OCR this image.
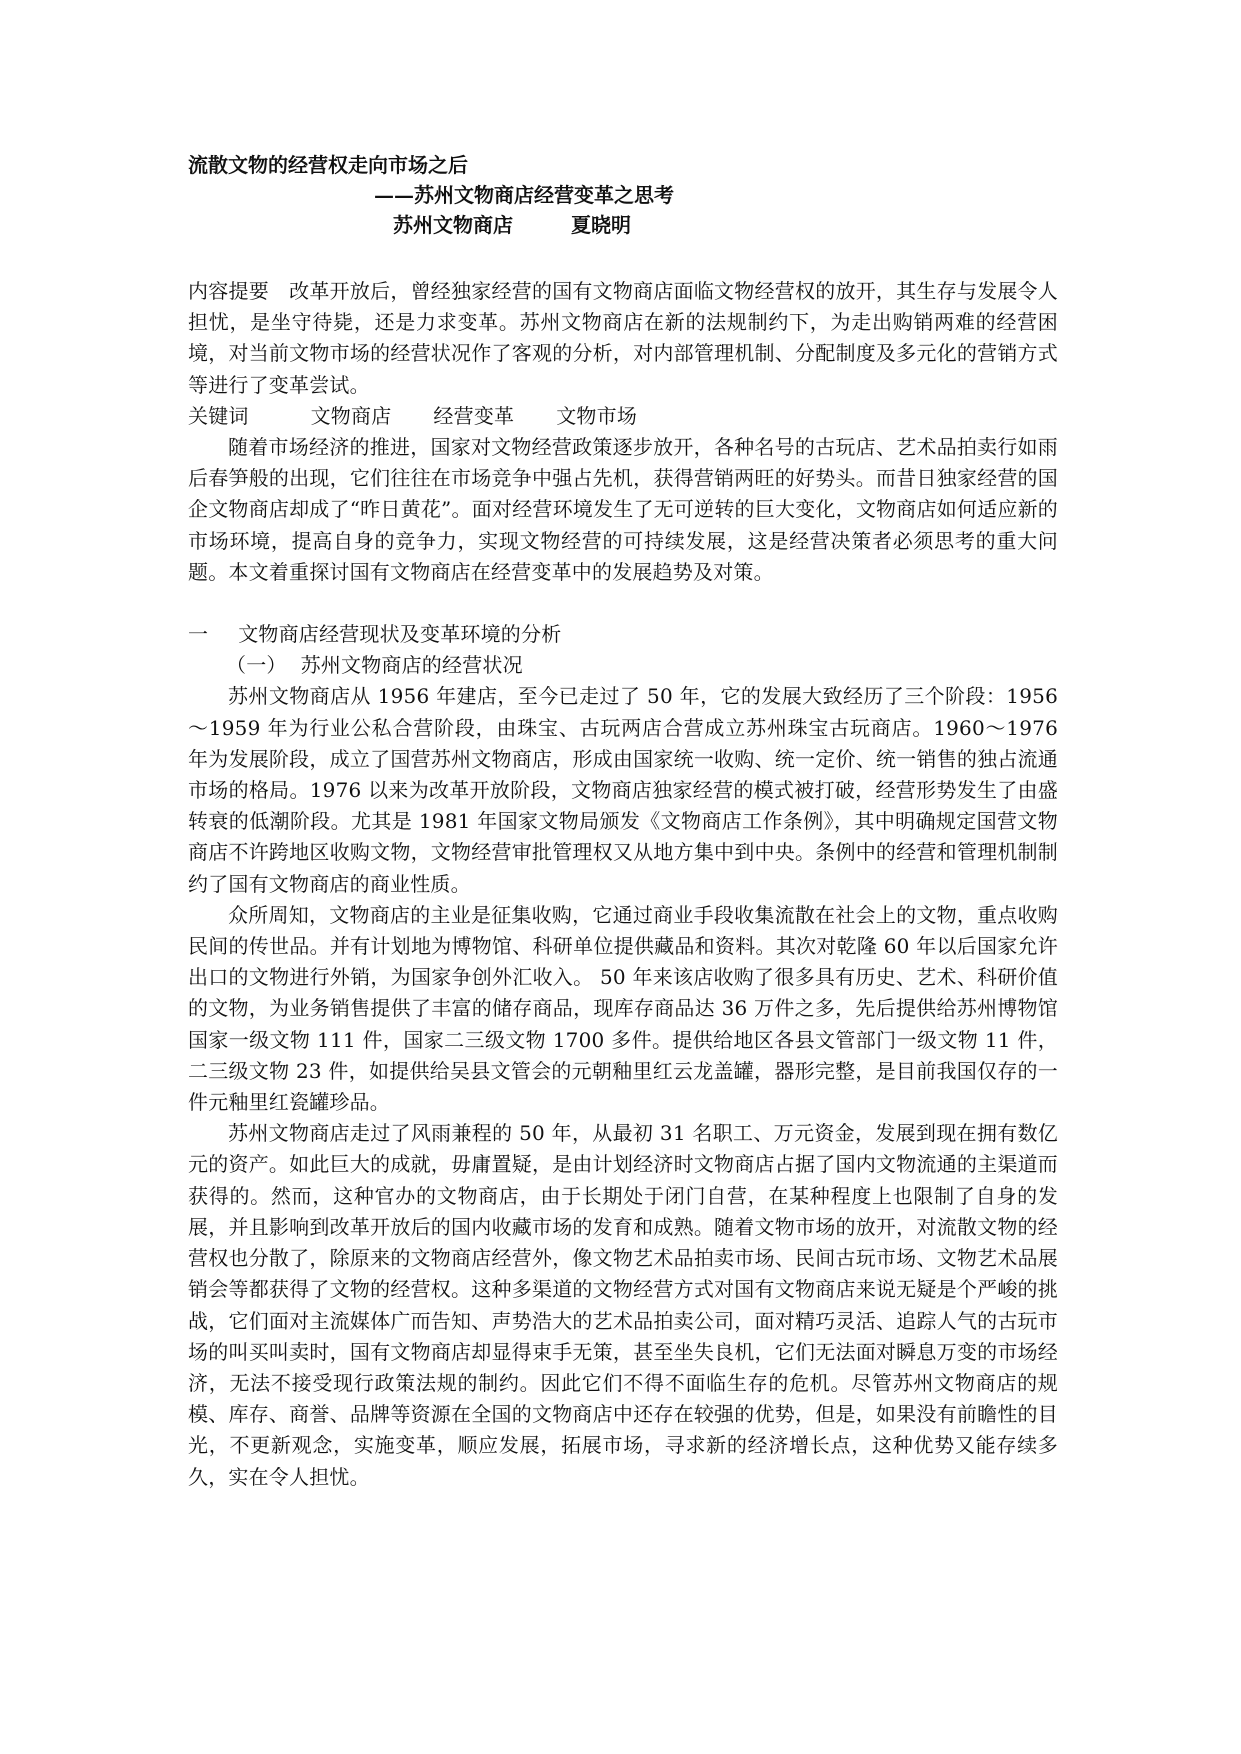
流散文物的经营权走向市场之后
——苏州文物商店经营变革之思考
苏州文物商店	夏晓明

内容提要  改革开放后，曾经独家经营的国有文物商店面临文物经营权的放开，其生存与发展令人担忧，是坐守待毙，还是力求变革。苏州文物商店在新的法规制约下，为走出购销两难的经营困境，对当前文物市场的经营状况作了客观的分析，对内部管理机制、分配制度及多元化的营销方式等进行了变革尝试。

关键词	文物商店 经营变革 文物市场

随着市场经济的推进，国家对文物经营政策逐步放开，各种名号的古玩店、艺术品拍卖行如雨后春笋般的出现，它们往往在市场竞争中强占先机，获得营销两旺的好势头。而昔日独家经营的国企文物商店却成了“昨日黄花”。面对经营环境发生了无可逆转的巨大变化，文物商店如何适应新的市场环境，提高自身的竞争力，实现文物经营的可持续发展，这是经营决策者必须思考的重大问题。本文着重探讨国有文物商店在经营变革中的发展趋势及对策。

一 文物商店经营现状及变革环境的分析

（一） 苏州文物商店的经营状况

苏州文物商店从 1956 年建店，至今已走过了 50 年，它的发展大致经历了三个阶段：1956～1959 年为行业公私合营阶段，由珠宝、古玩两店合营成立苏州珠宝古玩商店。1960～1976 年为发展阶段，成立了国营苏州文物商店，形成由国家统一收购、统一定价、统一销售的独占流通市场的格局。1976 以来为改革开放阶段，文物商店独家经营的模式被打破，经营形势发生了由盛转衰的低潮阶段。尤其是 1981 年国家文物局颁发《文物商店工作条例》，其中明确规定国营文物商店不许跨地区收购文物，文物经营审批管理权又从地方集中到中央。条例中的经营和管理机制制约了国有文物商店的商业性质。

众所周知，文物商店的主业是征集收购，它通过商业手段收集流散在社会上的文物，重点收购民间的传世品。并有计划地为博物馆、科研单位提供藏品和资料。其次对乾隆 60 年以后国家允许出口的文物进行外销，为国家争创外汇收入。 50 年来该店收购了很多具有历史、艺术、科研价值的文物，为业务销售提供了丰富的储存商品，现库存商品达 36 万件之多，先后提供给苏州博物馆国家一级文物 111 件，国家二三级文物 1700 多件。提供给地区各县文管部门一级文物 11 件，二三级文物 23 件，如提供给吴县文管会的元朝釉里红云龙盖罐，器形完整，是目前我国仅存的一件元釉里红瓷罐珍品。

苏州文物商店走过了风雨兼程的 50 年，从最初 31 名职工、万元资金，发展到现在拥有数亿元的资产。如此巨大的成就，毋庸置疑，是由计划经济时文物商店占据了国内文物流通的主渠道而获得的。然而，这种官办的文物商店，由于长期处于闭门自营，在某种程度上也限制了自身的发展，并且影响到改革开放后的国内收藏市场的发育和成熟。随着文物市场的放开，对流散文物的经营权也分散了，除原来的文物商店经营外，像文物艺术品拍卖市场、民间古玩市场、文物艺术品展销会等都获得了文物的经营权。这种多渠道的文物经营方式对国有文物商店来说无疑是个严峻的挑战，它们面对主流媒体广而告知、声势浩大的艺术品拍卖公司，面对精巧灵活、追踪人气的古玩市场的叫买叫卖时，国有文物商店却显得束手无策，甚至坐失良机，它们无法面对瞬息万变的市场经济，无法不接受现行政策法规的制约。因此它们不得不面临生存的危机。尽管苏州文物商店的规模、库存、商誉、品牌等资源在全国的文物商店中还存在较强的优势，但是，如果没有前瞻性的目光，不更新观念，实施变革，顺应发展，拓展市场，寻求新的经济增长点，这种优势又能存续多久，实在令人担忧。
